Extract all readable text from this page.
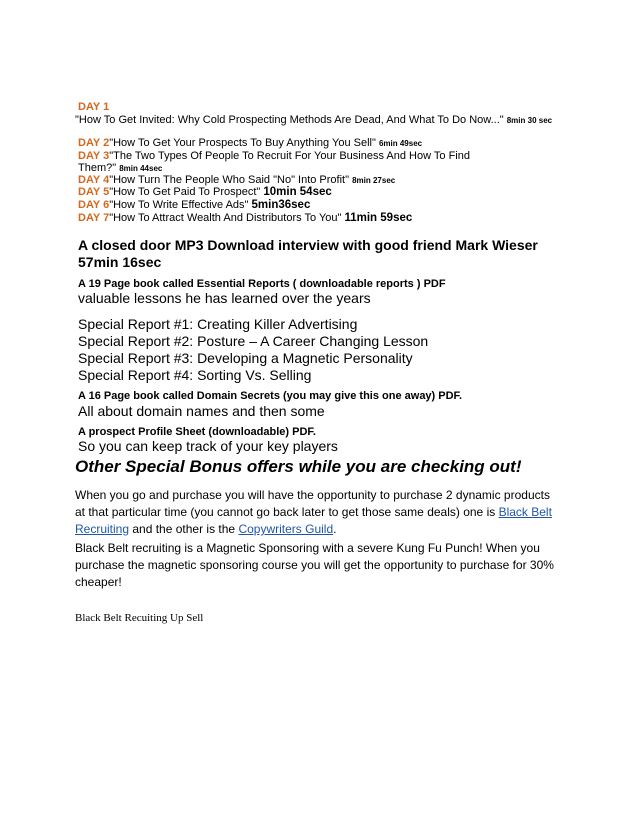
DAY 1
"How To Get Invited: Why Cold Prospecting Methods Are Dead, And What To Do Now..." 8min 30 sec
DAY 2"How To Get Your Prospects To Buy Anything You Sell" 6min 49sec
DAY 3"The Two Types Of People To Recruit For Your Business And How To Find
Them?" 8min 44sec
DAY 4"How Turn The People Who Said "No" Into Profit" 8min 27sec
DAY 5"How To Get Paid To Prospect" 10min 54sec
DAY 6"How To Write Effective Ads" 5min36sec
DAY 7"How To Attract Wealth And Distributors To You" 11min 59sec
A closed door MP3 Download interview with good friend Mark Wieser
57min 16sec
A 19 Page book called Essential Reports ( downloadable reports ) PDF
valuable lessons he has learned over the years
Special Report #1: Creating Killer Advertising
Special Report #2: Posture – A Career Changing Lesson
Special Report #3: Developing a Magnetic Personality
Special Report #4: Sorting Vs. Selling
A 16 Page book called Domain Secrets (you may give this one away) PDF.
All about domain names and then some
A prospect Profile Sheet (downloadable) PDF.
So you can keep track of your key players
Other Special Bonus offers while you are checking out!
When you go and purchase you will have the opportunity to purchase 2 dynamic products at that particular time (you cannot go back later to get those same deals) one is Black Belt Recruiting and the other is the Copywriters Guild.
Black Belt recruiting is a Magnetic Sponsoring with a severe Kung Fu Punch! When you purchase the magnetic sponsoring course you will get the opportunity to purchase for 30% cheaper!
Black Belt Recuiting Up Sell
